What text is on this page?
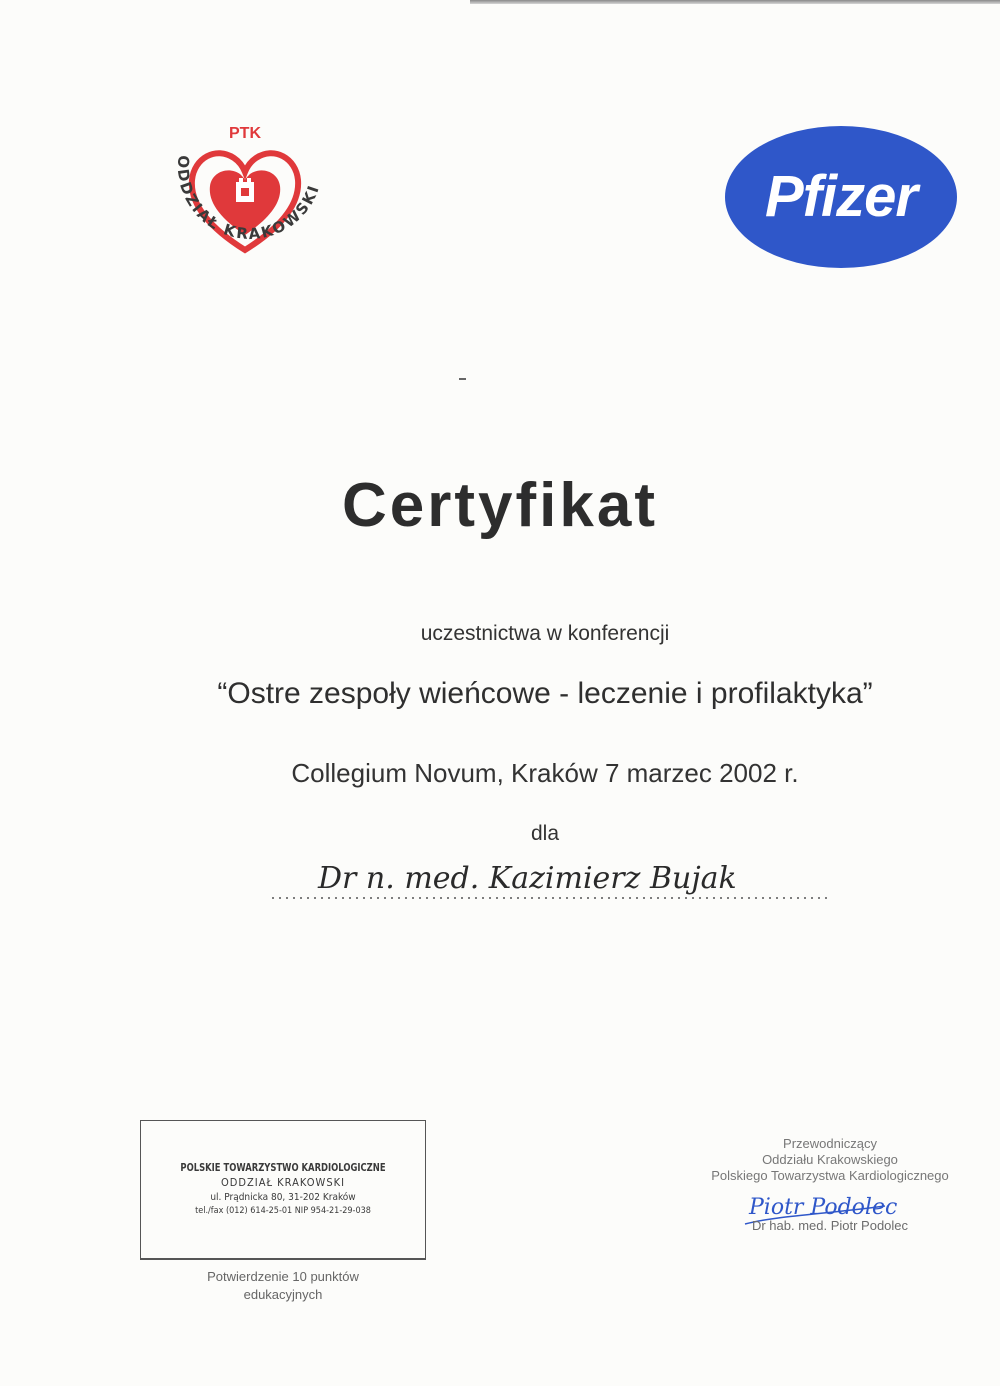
PTK
ODDZIAŁ KRAKOWSKI	Pfizer
Certyfikat
uczestnictwa w konferencji
“Ostre zespoły wieńcowe - leczenie i profilaktyka”
Collegium Novum, Kraków 7 marzec 2002 r.
dla
Dr n. med. Kazimierz Bujak
POLSKIE TOWARZYSTWO KARDIOLOGICZNE
ODDZIAŁ KRAKOWSKI
ul. Prądnicka 80, 31-202 Kraków
tel./fax (012) 614-25-01 NIP 954-21-29-038
Potwierdzenie 10 punktów
edukacyjnych
Przewodniczący
Oddziału Krakowskiego
Polskiego Towarzystwa Kardiologicznego
Piotr Podolec
Dr hab. med. Piotr Podolec
